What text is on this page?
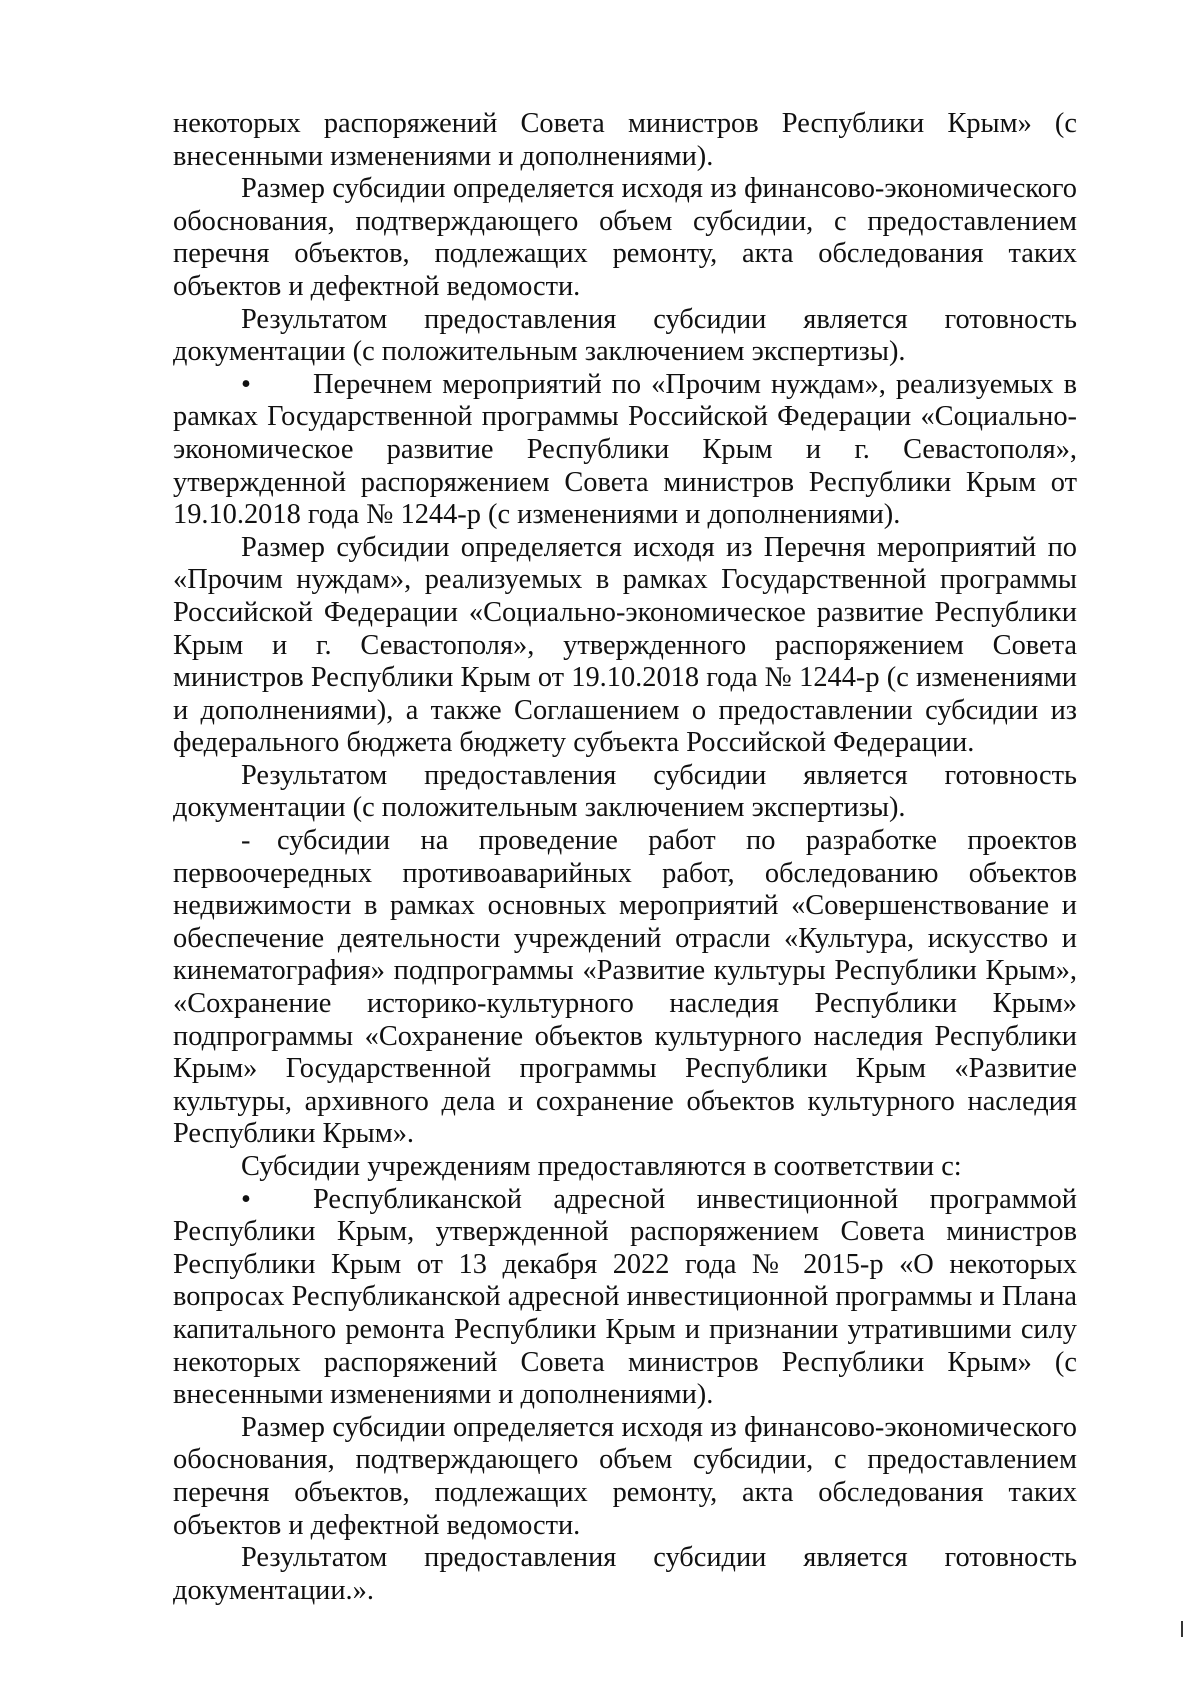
некоторых распоряжений Совета министров Республики Крым» (с внесенными изменениями и дополнениями).

Размер субсидии определяется исходя из финансово-экономического обоснования, подтверждающего объем субсидии, с предоставлением перечня объектов, подлежащих ремонту, акта обследования таких объектов и дефектной ведомости.

Результатом предоставления субсидии является готовность документации (с положительным заключением экспертизы).

• Перечнем мероприятий по «Прочим нуждам», реализуемых в рамках Государственной программы Российской Федерации «Социально-экономическое развитие Республики Крым и г. Севастополя», утвержденной распоряжением Совета министров Республики Крым от 19.10.2018 года № 1244-р (с изменениями и дополнениями).

Размер субсидии определяется исходя из Перечня мероприятий по «Прочим нуждам», реализуемых в рамках Государственной программы Российской Федерации «Социально-экономическое развитие Республики Крым и г. Севастополя», утвержденного распоряжением Совета министров Республики Крым от 19.10.2018 года № 1244-р (с изменениями и дополнениями), а также Соглашением о предоставлении субсидии из федерального бюджета бюджету субъекта Российской Федерации.

Результатом предоставления субсидии является готовность документации (с положительным заключением экспертизы).

- субсидии на проведение работ по разработке проектов первоочередных противоаварийных работ, обследованию объектов недвижимости в рамках основных мероприятий «Совершенствование и обеспечение деятельности учреждений отрасли «Культура, искусство и кинематография» подпрограммы «Развитие культуры Республики Крым», «Сохранение историко-культурного наследия Республики Крым» подпрограммы «Сохранение объектов культурного наследия Республики Крым» Государственной программы Республики Крым «Развитие культуры, архивного дела и сохранение объектов культурного наследия Республики Крым».

Субсидии учреждениям предоставляются в соответствии с:

• Республиканской адресной инвестиционной программой Республики Крым, утвержденной распоряжением Совета министров Республики Крым от 13 декабря 2022 года № 2015-р «О некоторых вопросах Республиканской адресной инвестиционной программы и Плана капитального ремонта Республики Крым и признании утратившими силу некоторых распоряжений Совета министров Республики Крым» (с внесенными изменениями и дополнениями).

Размер субсидии определяется исходя из финансово-экономического обоснования, подтверждающего объем субсидии, с предоставлением перечня объектов, подлежащих ремонту, акта обследования таких объектов и дефектной ведомости.

Результатом предоставления субсидии является готовность документации.».
